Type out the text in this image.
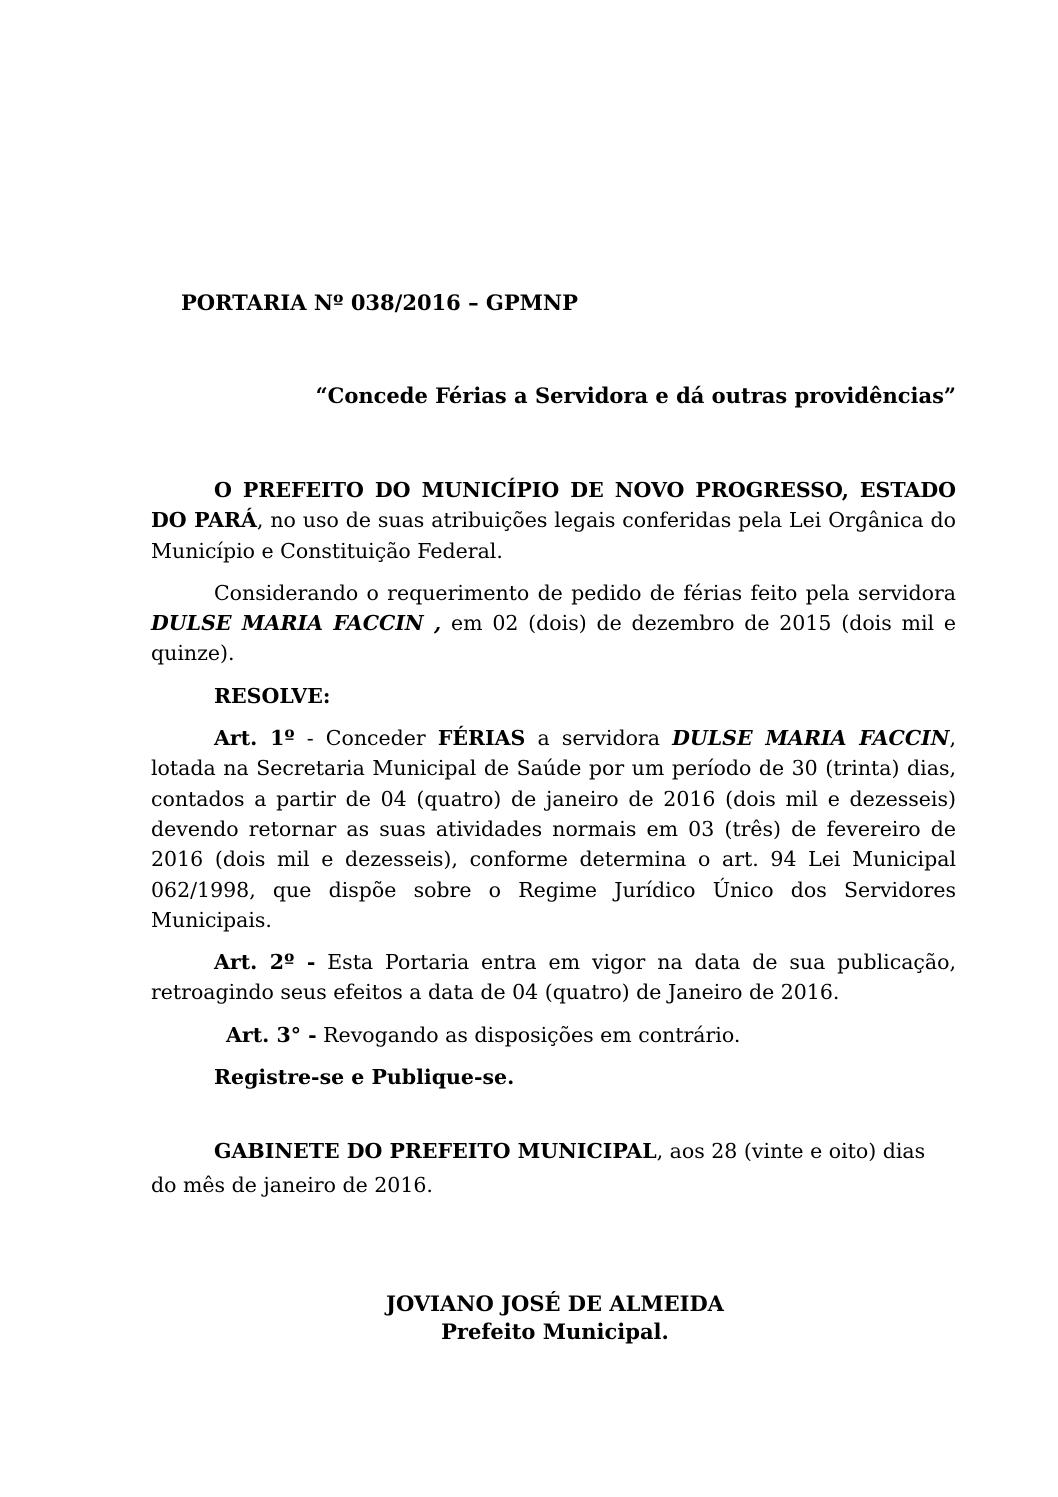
PORTARIA Nº 038/2016 – GPMNP
“Concede Férias a Servidora e dá outras providências”

O PREFEITO DO MUNICÍPIO DE NOVO PROGRESSO, ESTADO DO PARÁ, no uso de suas atribuições legais conferidas pela Lei Orgânica do Município e Constituição Federal.

Considerando o requerimento de pedido de férias feito pela servidora DULSE MARIA FACCIN , em 02 (dois) de dezembro de 2015 (dois mil e quinze).

RESOLVE:

Art. 1º - Conceder FÉRIAS a servidora DULSE MARIA FACCIN, lotada na Secretaria Municipal de Saúde por um período de 30 (trinta) dias, contados a partir de 04 (quatro) de janeiro de 2016 (dois mil e dezesseis) devendo retornar as suas atividades normais em 03 (três) de fevereiro de 2016 (dois mil e dezesseis), conforme determina o art. 94 Lei Municipal 062/1998, que dispõe sobre o Regime Jurídico Único dos Servidores Municipais.

Art. 2º - Esta Portaria entra em vigor na data de sua publicação, retroagindo seus efeitos a data de 04 (quatro) de Janeiro de 2016.

Art. 3° - Revogando as disposições em contrário.

Registre-se e Publique-se.

GABINETE DO PREFEITO MUNICIPAL, aos 28 (vinte e oito) dias do mês de janeiro de 2016.

JOVIANO JOSÉ DE ALMEIDA
Prefeito Municipal.
